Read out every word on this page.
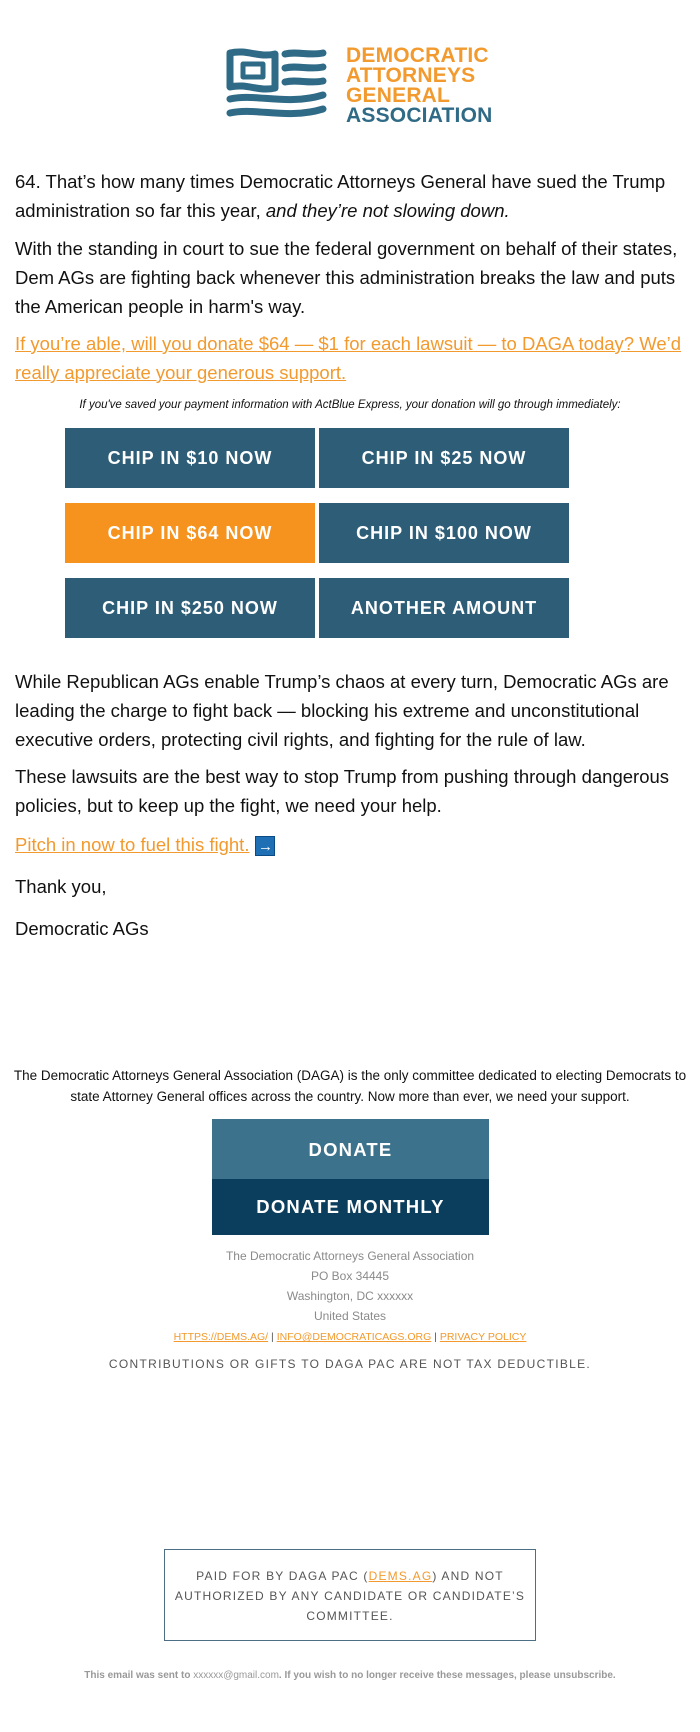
DEMOCRATIC
ATTORNEYS
GENERAL
ASSOCIATION

64. That’s how many times Democratic Attorneys General have sued the Trump administration so far this year, and they’re not slowing down.

With the standing in court to sue the federal government on behalf of their states, Dem AGs are fighting back whenever this administration breaks the law and puts the American people in harm's way.

If you’re able, will you donate $64 — $1 for each lawsuit — to DAGA today? We’d really appreciate your generous support.

If you've saved your payment information with ActBlue Express, your donation will go through immediately:
CHIP IN $10 NOW	CHIP IN $25 NOW
CHIP IN $64 NOW	CHIP IN $100 NOW
CHIP IN $250 NOW	ANOTHER AMOUNT

While Republican AGs enable Trump’s chaos at every turn, Democratic AGs are leading the charge to fight back — blocking his extreme and unconstitutional executive orders, protecting civil rights, and fighting for the rule of law.

These lawsuits are the best way to stop Trump from pushing through dangerous policies, but to keep up the fight, we need your help.

Pitch in now to fuel this fight. →

Thank you,

Democratic AGs

The Democratic Attorneys General Association (DAGA) is the only committee dedicated to electing Democrats to state Attorney General offices across the country. Now more than ever, we need your support.
DONATE
DONATE MONTHLY
The Democratic Attorneys General Association
PO Box 34445
Washington, DC xxxxxx
United States
HTTPS://DEMS.AG/ | INFO@DEMOCRATICAGS.ORG | PRIVACY POLICY
CONTRIBUTIONS OR GIFTS TO DAGA PAC ARE NOT TAX DEDUCTIBLE.
PAID FOR BY DAGA PAC (DEMS.AG) AND NOT AUTHORIZED BY ANY CANDIDATE OR CANDIDATE’S COMMITTEE.
This email was sent to xxxxxx@gmail.com. If you wish to no longer receive these messages, please unsubscribe.
